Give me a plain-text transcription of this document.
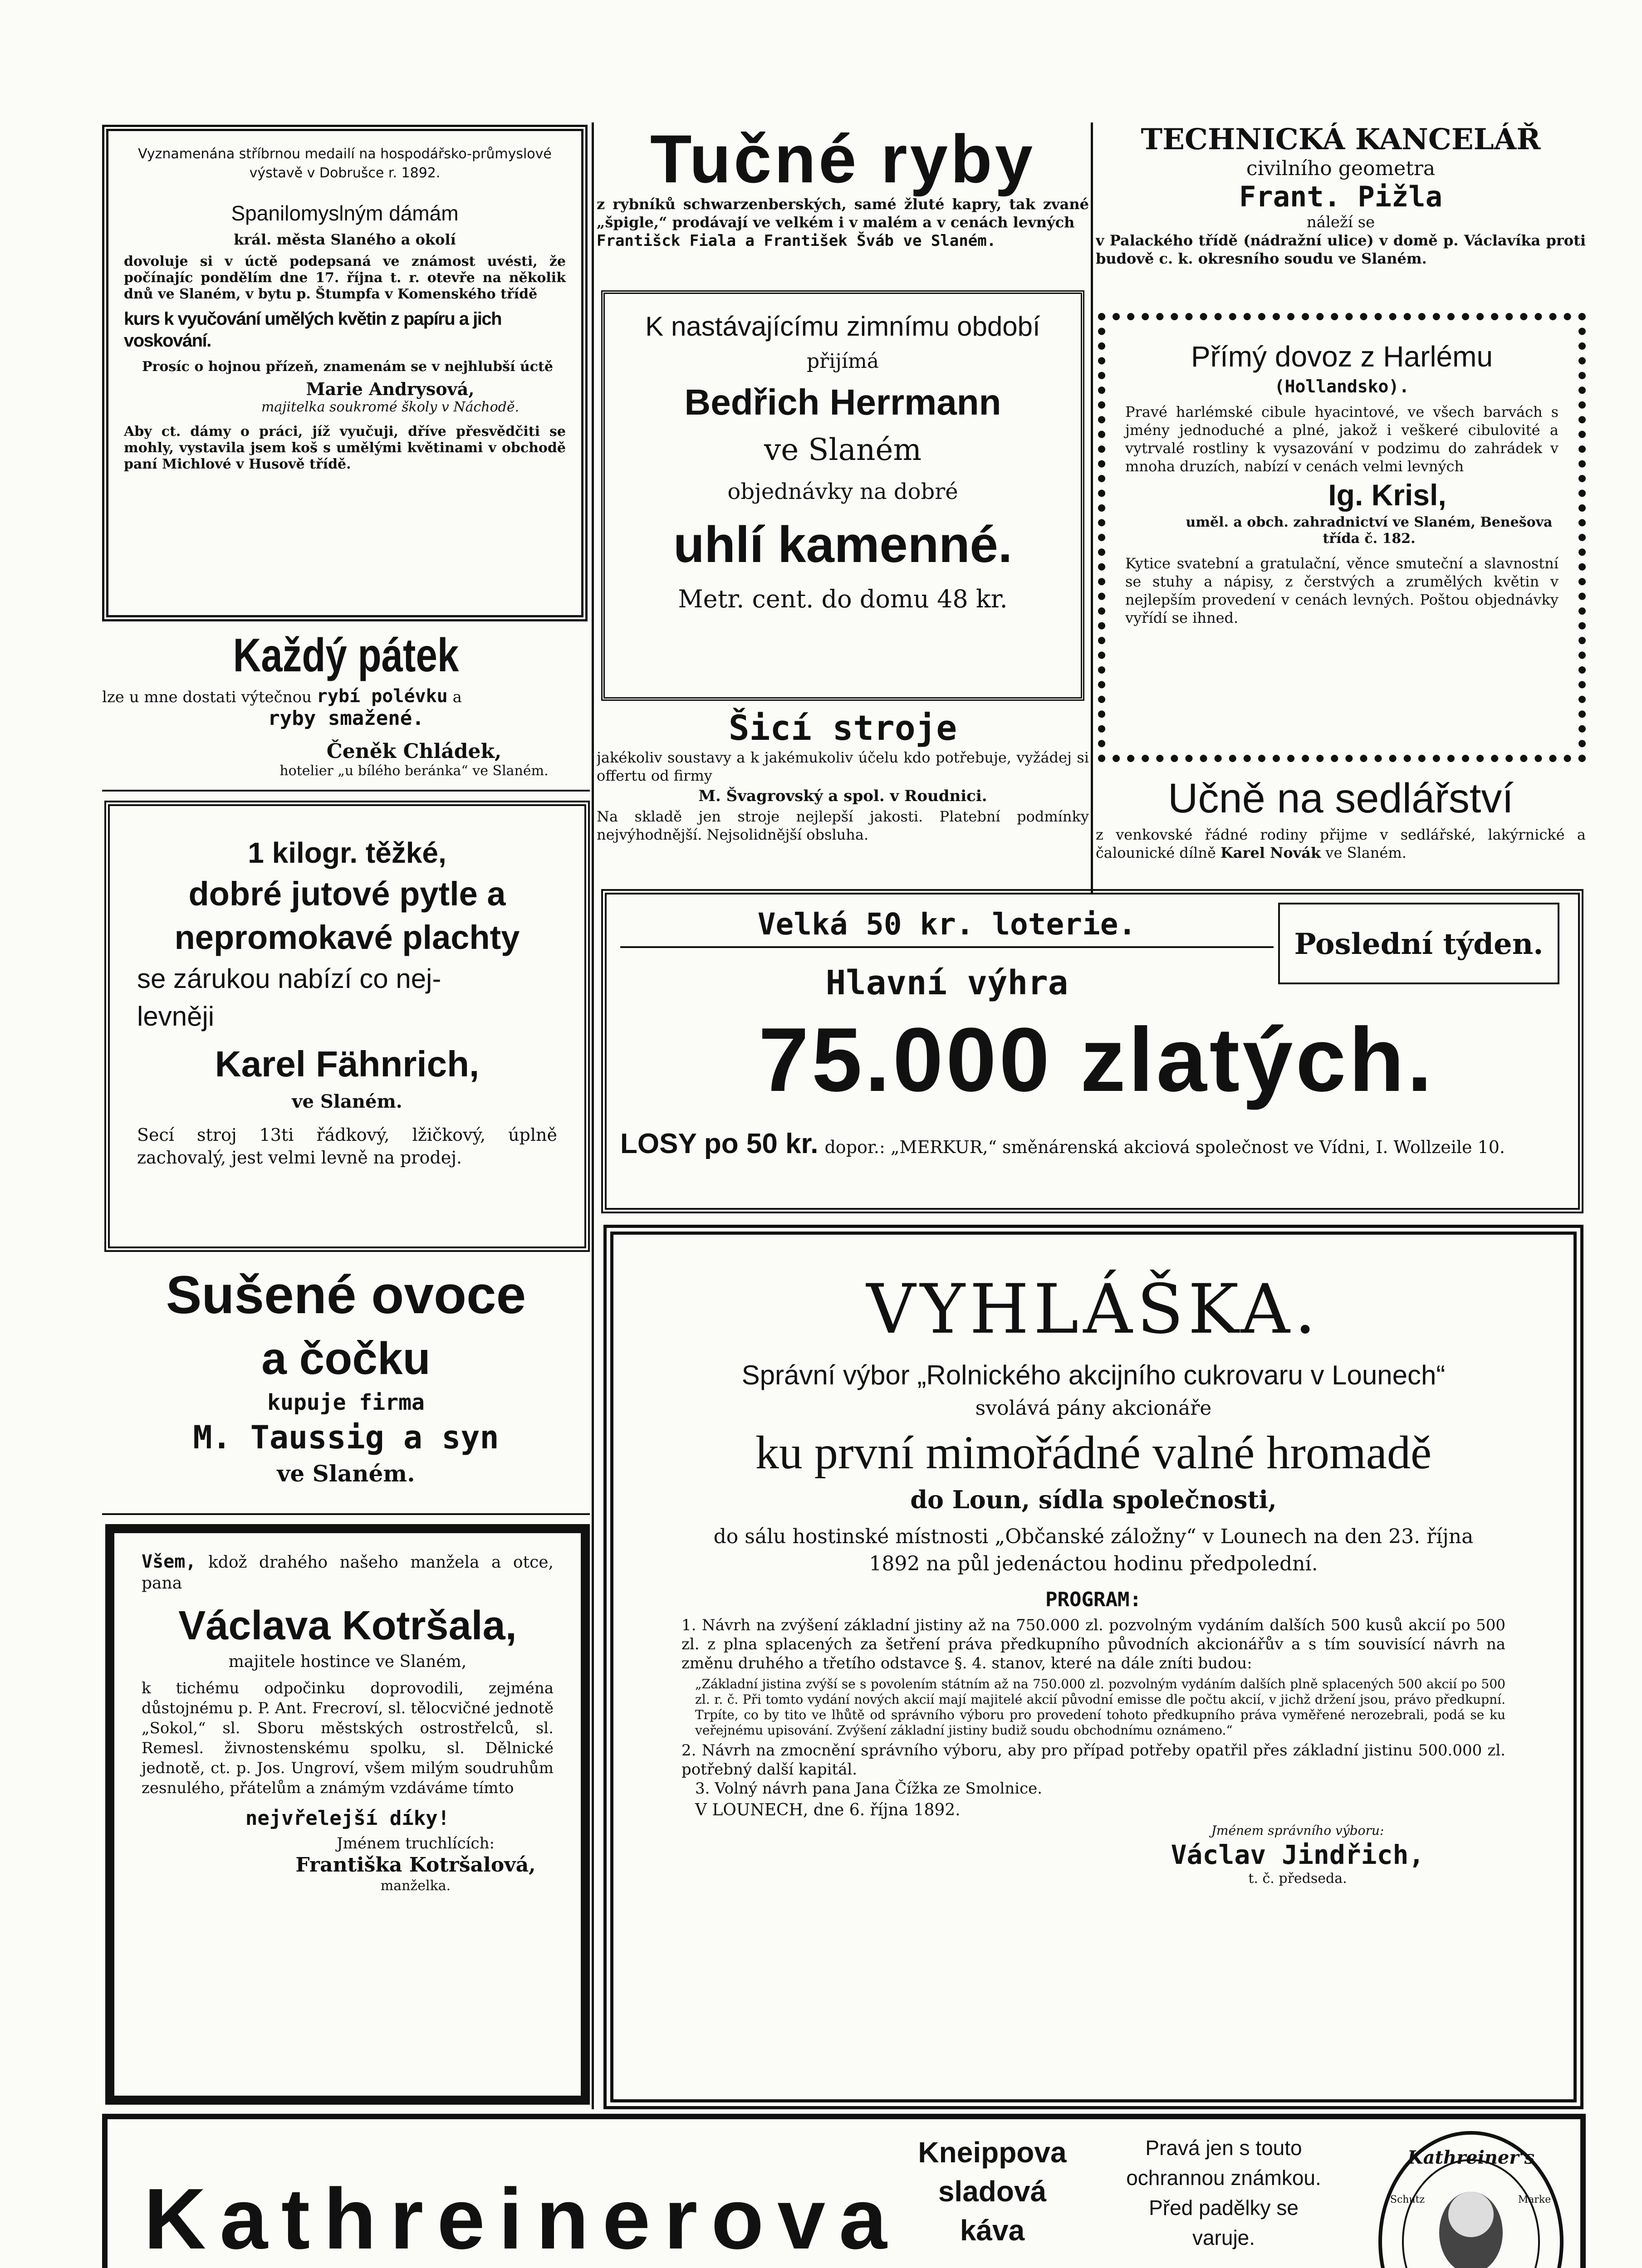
Vyznamenána stříbrnou medailí na hospodářsko-průmyslové výstavě v Dobrušce r. 1892.

Spanilomyslným dámám

král. města Slaného a okolí

dovoluje si v úctě podepsaná ve známost uvésti, že počínajíc pondělím dne 17. října t. r. otevře na několik dnů ve Slaném, v bytu p. Štumpfa v Komenského třídě

kurs k vyučování umělých květin z papíru a jich voskování.

Prosíc o hojnou přízeň, znamenám se v nejhlubší úctě

Marie Andrysová,

majitelka soukromé školy v Náchodě.

Aby ct. dámy o práci, jíž vyučuji, dříve přesvědčiti se mohly, vystavila jsem koš s umělými květinami v obchodě paní Michlové v Husově třídě.

Každý pátek

lze u mne dostati výtečnou rybí polévku a

ryby smažené.

Čeněk Chládek,

hotelier „u bílého beránka“ ve Slaném.

1 kilogr. těžké,

dobré jutové pytle a

nepromokavé plachty

se zárukou nabízí co nej-

levněji

Karel Fähnrich,

ve Slaném.

Secí stroj 13ti řádkový, lžičkový, úplně zachovalý, jest velmi levně na prodej.

Sušené ovoce

a čočku

kupuje firma

M. Taussig a syn

ve Slaném.

Všem, kdož drahého našeho manžela a otce, pana

Václava Kotršala,

majitele hostince ve Slaném,

k tichému odpočinku doprovodili, zejména důstojnému p. P. Ant. Frecroví, sl. tělocvičné jednotě „Sokol,“ sl. Sboru městských ostrostřelců, sl. Remesl. živnostenskému spolku, sl. Dělnické jednotě, ct. p. Jos. Ungroví, všem milým soudruhům zesnulého, přátelům a známým vzdáváme tímto

nejvřelejší díky!

Jménem truchlících:

Františka Kotršalová,

manželka.

Tučné ryby

z rybníků schwarzenberských, samé žluté kapry, tak zvané „špigle,“ prodávají ve velkém i v malém a v cenách levných

Františck Fiala a František Šváb ve Slaném.

K nastávajícímu zimnímu období

přijímá

Bedřich Herrmann

ve Slaném

objednávky na dobré

uhlí kamenné.

Metr. cent. do domu 48 kr.

Šicí stroje

jakékoliv soustavy a k jakémukoliv účelu kdo potřebuje, vyžádej si offertu od firmy

M. Švagrovský a spol. v Roudnici.

Na skladě jen stroje nejlepší jakosti. Platební podmínky nejvýhodnější. Nejsolidnější obsluha.

TECHNICKÁ KANCELÁŘ

civilního geometra

Frant. Pižla

náleží se

v Palackého třídě (nádražní ulice) v domě p. Václavíka proti budově c. k. okresního soudu ve Slaném.

Přímý dovoz z Harlému

(Hollandsko).

Pravé harlémské cibule hyacintové, ve všech barvách s jmény jednoduché a plné, jakož i veškeré cibulovité a vytrvalé rostliny k vysazování v podzimu do zahrádek v mnoha druzích, nabízí v cenách velmi levných

Ig. Krisl,

uměl. a obch. zahradnictví ve Slaném, Benešova třída č. 182.

Kytice svatební a gratulační, věnce smuteční a slavnostní se stuhy a nápisy, z čerstvých a zrumělých květin v nejlepším provedení v cenách levných. Poštou objednávky vyřídí se ihned.

Učně na sedlářství

z venkovské řádné rodiny přijme v sedlářské, lakýrnické a čalounické dílně Karel Novák ve Slaném.

Velká 50 kr. loterie.

Poslední týden.

Hlavní výhra

75.000 zlatých.

LOSY po 50 kr. dopor.: „MERKUR,“ směnárenská akciová společnost ve Vídni, I. Wollzeile 10.

VYHLÁŠKA.

Správní výbor „Rolnického akcijního cukrovaru v Lounech“

svolává pány akcionáře

ku první mimořádné valné hromadě

do Loun, sídla společnosti,

do sálu hostinské místnosti „Občanské záložny“ v Lounech na den 23. října 1892 na půl jedenáctou hodinu předpolední.

PROGRAM:

1. Návrh na zvýšení základní jistiny až na 750.000 zl. pozvolným vydáním dalších 500 kusů akcií po 500 zl. z plna splacených za šetření práva předkupního původních akcionářův a s tím souvisící návrh na změnu druhého a třetího odstavce §. 4. stanov, které na dále zníti budou:

„Základní jistina zvýší se s povolením státním až na 750.000 zl. pozvolným vydáním dalších plně splacených 500 akcií po 500 zl. r. č. Při tomto vydání nových akcií mají majitelé akcií původní emisse dle počtu akcií, v jichž držení jsou, právo předkupní. Trpíte, co by tito ve lhůtě od správního výboru pro provedení tohoto předkupního práva vyměřené nerozebrali, podá se ku veřejnému upisování. Zvýšení základní jistiny budiž soudu obchodnímu oznámeno.“

2. Návrh na zmocnění správního výboru, aby pro případ potřeby opatřil přes základní jistinu 500.000 zl. potřebný další kapitál.

3. Volný návrh pana Jana Čížka ze Smolnice.

V LOUNECH, dne 6. října 1892.

Jménem správního výboru:

Václav Jindřich,

t. č. předseda.

Kathreinerova

Kneippova sladová káva

Pravá jen s touto ochrannou známkou. Před padělky se varuje.

Kathreiner's

Schutz	Marke
